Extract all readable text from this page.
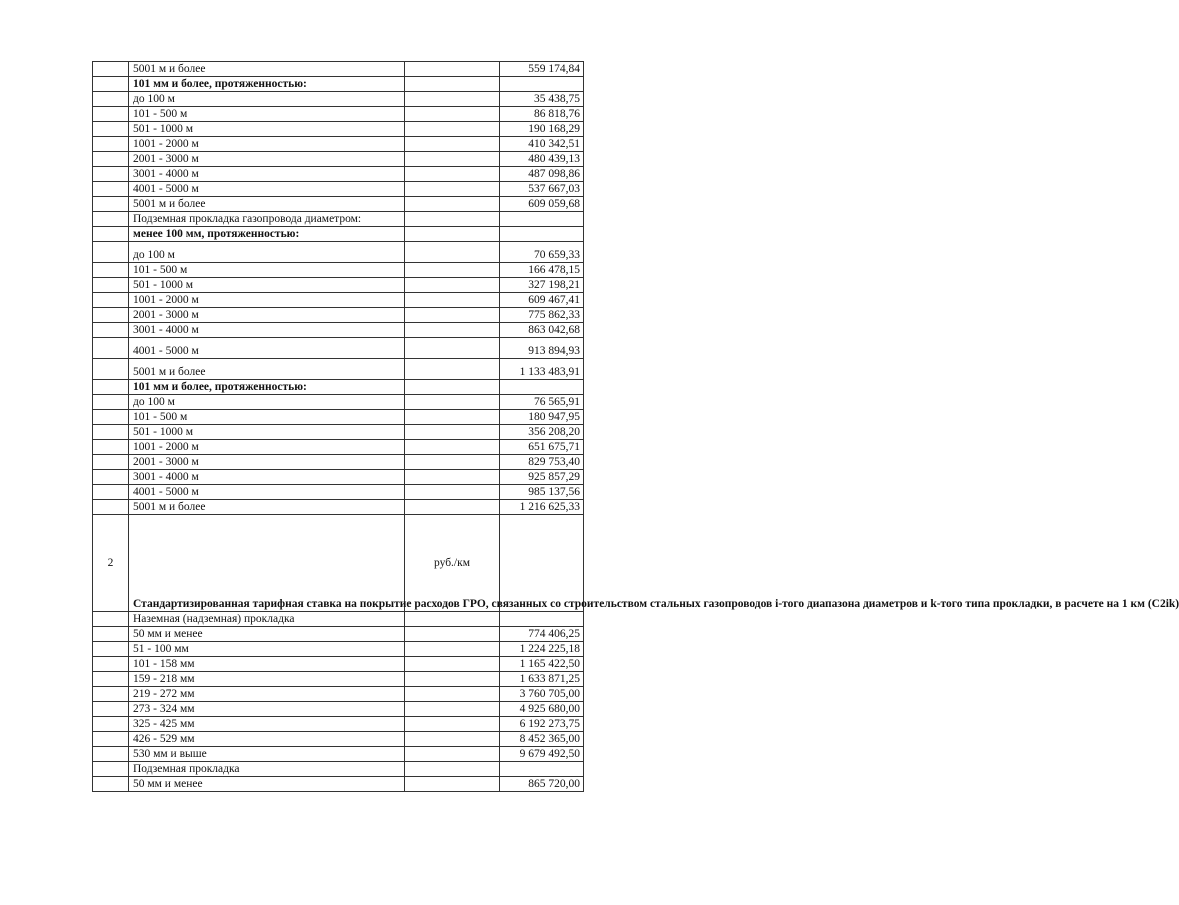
	5001 м и более		559 174,84
	101 мм и более, протяженностью:		
	до 100 м		35 438,75
	101 - 500 м		86 818,76
	501 - 1000 м		190 168,29
	1001 - 2000 м		410 342,51
	2001 - 3000 м		480 439,13
	3001 - 4000 м		487 098,86
	4001 - 5000 м		537 667,03
	5001 м и более		609 059,68
	Подземная прокладка газопровода диаметром:		
	менее 100 мм, протяженностью:		
	до 100 м		70 659,33
	101 - 500 м		166 478,15
	501 - 1000 м		327 198,21
	1001 - 2000 м		609 467,41
	2001 - 3000 м		775 862,33
	3001 - 4000 м		863 042,68
	4001 - 5000 м		913 894,93
	5001 м и более		1 133 483,91
	101 мм и более, протяженностью:		
	до 100 м		76 565,91
	101 - 500 м		180 947,95
	501 - 1000 м		356 208,20
	1001 - 2000 м		651 675,71
	2001 - 3000 м		829 753,40
	3001 - 4000 м		925 857,29
	4001 - 5000 м		985 137,56
	5001 м и более		1 216 625,33
2	Стандартизированная тарифная ставка на покрытие расходов ГРО, связанных со строительством стальных газопроводов i-того диапазона диаметров и k-того типа прокладки, в расчете на 1 км (C2ik)	руб./км	
	Наземная (надземная) прокладка		
	50 мм и менее		774 406,25
	51 - 100 мм		1 224 225,18
	101 - 158 мм		1 165 422,50
	159 - 218 мм		1 633 871,25
	219 - 272 мм		3 760 705,00
	273 - 324 мм		4 925 680,00
	325 - 425 мм		6 192 273,75
	426 - 529 мм		8 452 365,00
	530 мм и выше		9 679 492,50
	Подземная прокладка		
	50 мм и менее		865 720,00
